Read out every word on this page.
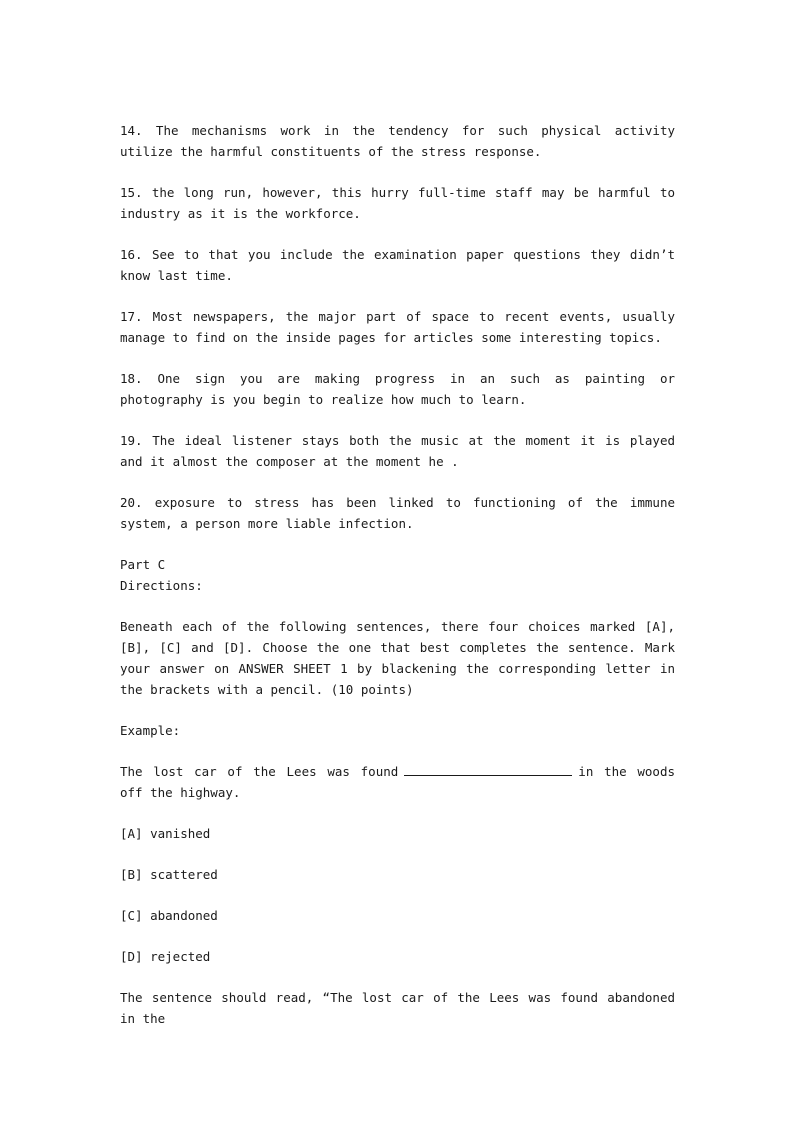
14. The mechanisms work in the tendency for such physical activity utilize the harmful constituents of the stress response.

15. the long run, however, this hurry full-time staff may be harmful to industry as it is the workforce.

16. See to that you include the examination paper questions they didn’t know last time.

17. Most newspapers, the major part of space to recent events, usually manage to find on the inside pages for articles some interesting topics.

18. One sign you are making progress in an such as painting or photography is you begin to realize how much to learn.

19. The ideal listener stays both the music at the moment it is played and it almost the composer at the moment he .

20. exposure to stress has been linked to functioning of the immune system, a person more liable infection.

Part C
Directions:

Beneath each of the following sentences, there four choices marked [A], [B], [C] and [D]. Choose the one that best completes the sentence. Mark your answer on ANSWER SHEET 1 by blackening the corresponding letter in the brackets with a pencil. (10 points)

Example:

The lost car of the Lees was found	in the woods off the highway.

[A] vanished

[B] scattered

[C] abandoned

[D] rejected

The sentence should read, “The lost car of the Lees was found abandoned in the
